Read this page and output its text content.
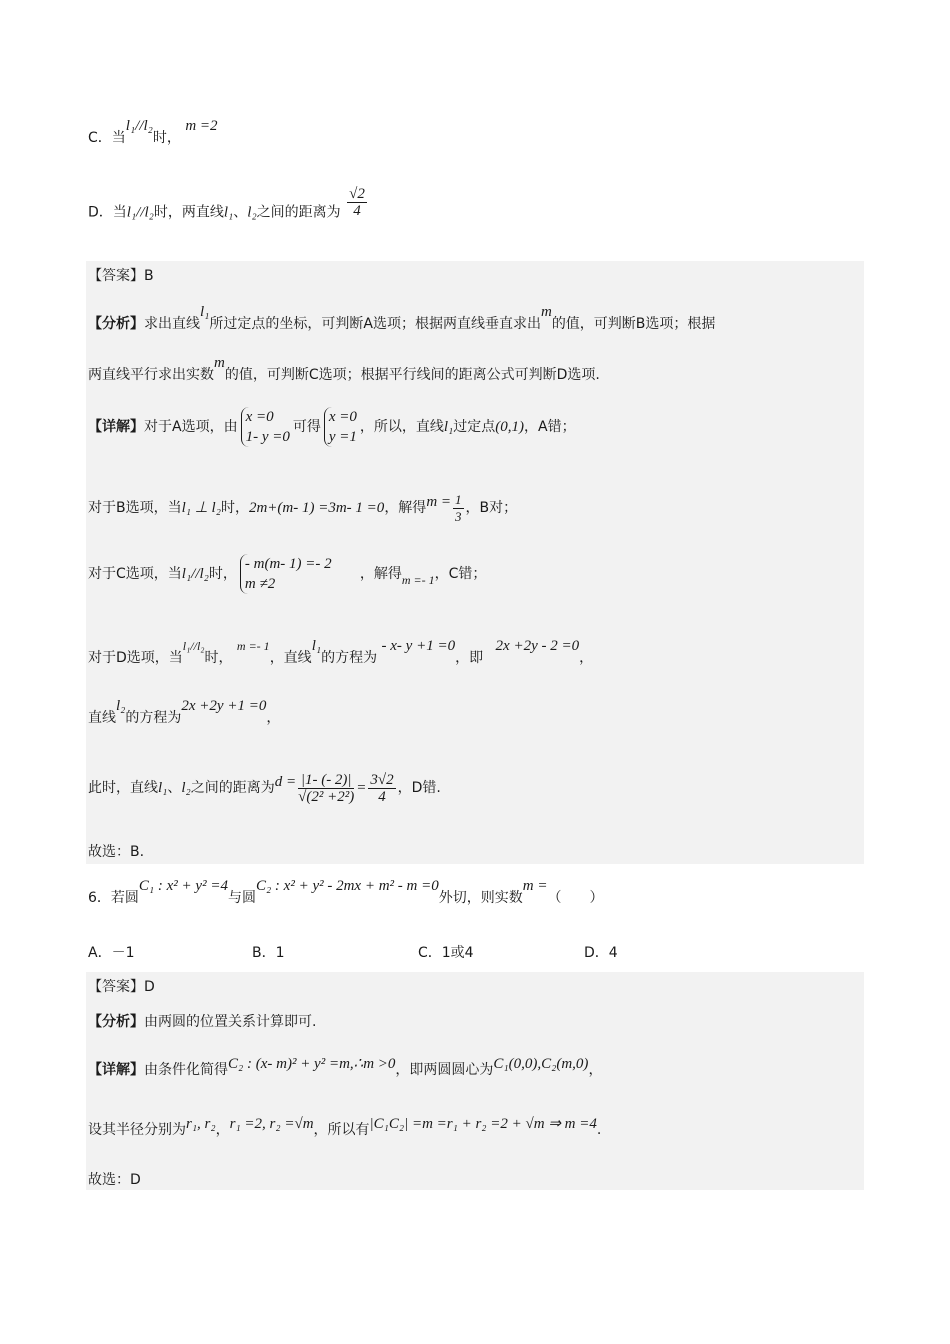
C．当l₁//l₂时， m =2
D．当l₁//l₂时，两直线l₁、l₂之间的距离为 $\frac{√2}{4}$
【答案】B
【分析】求出直线l₁所过定点的坐标，可判断A选项；根据两直线垂直求出m的值，可判断B选项；根据
两直线平行求出实数m的值，可判断C选项；根据平行线间的距离公式可判断D选项.
【详解】 对于A选项，由
x =0
1- y =0
可得
x =0
y =1
，所以，直线 l₁ 过定点 (0,1) ，A错；
对于B选项，当 l₁ ⊥ l₂ 时， 2m+(m- 1) =3m- 1 =0 ，解得 $m = \frac{1}{3}$ ，B对；
对于C选项，当 l₁//l₂ 时，
- m(m- 1) =- 2
m ≠2
，解得 m =- 1 ，C错；
对于D选项，当l₁//l₂时， m =- 1，直线l₁的方程为 - x- y +1 =0，即 2x +2y - 2 =0，
直线l₂的方程为2x +2y +1 =0，
此时，直线 l₁ 、 l₂ 之间的距离为 $d = \frac{|1- (- 2)|}{\text{√(2² +2²)}} = \frac{3√2}{4}$ ，D错.
故选：B.
6．若圆C₁ : x² + y² =4与圆C₂ : x² + y² - 2mx + m² - m =0外切，则实数m =（　　）
A．－1	B．1	C．1或4	D．4
【答案】D
【分析】由两圆的位置关系计算即可.
【详解】由条件化简得C₂ : (x- m)² + y² =m,∴m >0，即两圆圆心为C₁(0,0),C₂(m,0)，
设其半径分别为r₁, r₂，r₁ =2, r₂ =√m，所以有|C₁C₂| =m =r₁ + r₂ =2 + √m ⇒ m =4.
故选：D
